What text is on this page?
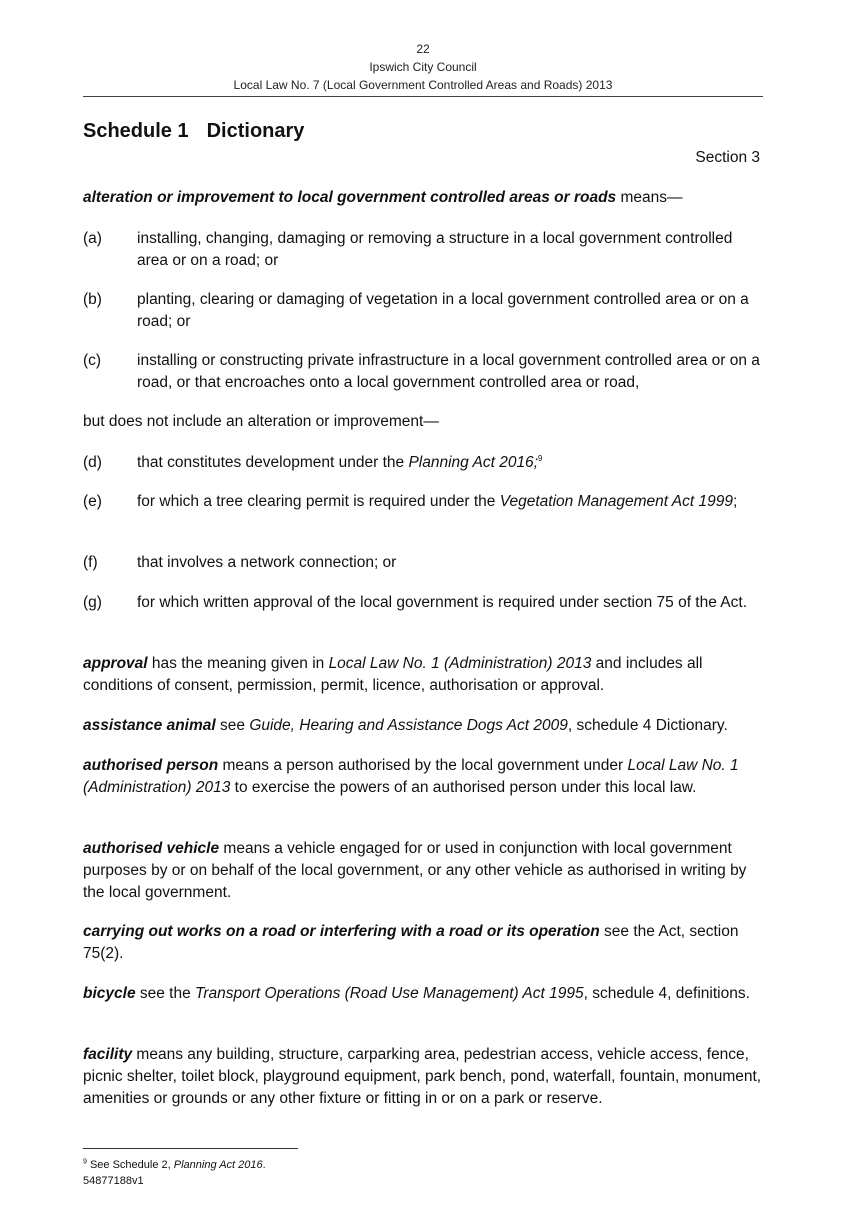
22
Ipswich City Council
Local Law No. 7 (Local Government Controlled Areas and Roads) 2013
Schedule 1 Dictionary
Section 3
alteration or improvement to local government controlled areas or roads means—
(a)	installing, changing, damaging or removing a structure in a local government controlled area or on a road; or
(b)	planting, clearing or damaging of vegetation in a local government controlled area or on a road; or
(c)	installing or constructing private infrastructure in a local government controlled area or on a road, or that encroaches onto a local government controlled area or road,
but does not include an alteration or improvement—
(d)	that constitutes development under the Planning Act 2016;$^9$
(e)	for which a tree clearing permit is required under the Vegetation Management Act 1999;
(f)	that involves a network connection; or
(g)	for which written approval of the local government is required under section 75 of the Act.
approval has the meaning given in Local Law No. 1 (Administration) 2013 and includes all conditions of consent, permission, permit, licence, authorisation or approval.
assistance animal see Guide, Hearing and Assistance Dogs Act 2009, schedule 4 Dictionary.
authorised person means a person authorised by the local government under Local Law No. 1 (Administration) 2013 to exercise the powers of an authorised person under this local law.
authorised vehicle means a vehicle engaged for or used in conjunction with local government purposes by or on behalf of the local government, or any other vehicle as authorised in writing by the local government.
carrying out works on a road or interfering with a road or its operation see the Act, section 75(2).
bicycle see the Transport Operations (Road Use Management) Act 1995, schedule 4, definitions.
facility means any building, structure, carparking area, pedestrian access, vehicle access, fence, picnic shelter, toilet block, playground equipment, park bench, pond, waterfall, fountain, monument, amenities or grounds or any other fixture or fitting in or on a park or reserve.
$^9$ See Schedule 2, Planning Act 2016.
54877188v1
